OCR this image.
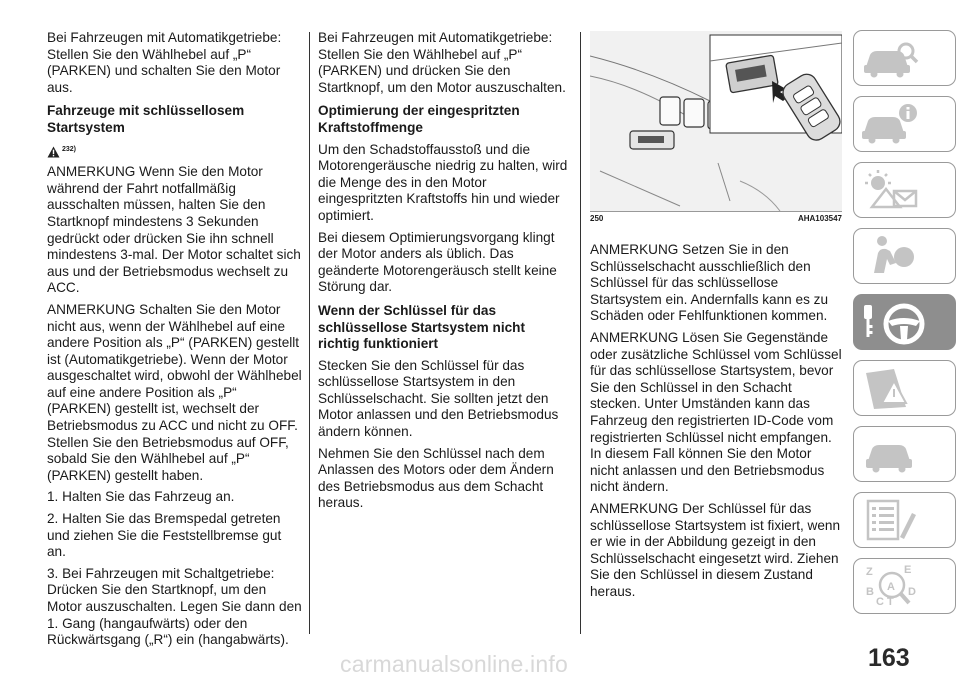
Bei Fahrzeugen mit Automatikgetriebe: Stellen Sie den Wählhebel auf „P“ (PARKEN) und schalten Sie den Motor aus.

Fahrzeuge mit schlüssellosem Startsystem
232)

ANMERKUNG Wenn Sie den Motor während der Fahrt notfallmäßig ausschalten müssen, halten Sie den Startknopf mindestens 3 Sekunden gedrückt oder drücken Sie ihn schnell mindestens 3-mal. Der Motor schaltet sich aus und der Betriebsmodus wechselt zu ACC.

ANMERKUNG Schalten Sie den Motor nicht aus, wenn der Wählhebel auf eine andere Position als „P“ (PARKEN) gestellt ist (Automatikgetriebe). Wenn der Motor ausgeschaltet wird, obwohl der Wählhebel auf eine andere Position als „P“ (PARKEN) gestellt ist, wechselt der Betriebsmodus zu ACC und nicht zu OFF. Stellen Sie den Betriebsmodus auf OFF, sobald Sie den Wählhebel auf „P“ (PARKEN) gestellt haben.

1. Halten Sie das Fahrzeug an.

2. Halten Sie das Bremspedal getreten und ziehen Sie die Feststellbremse gut an.

3. Bei Fahrzeugen mit Schaltgetriebe: Drücken Sie den Startknopf, um den Motor auszuschalten. Legen Sie dann den 1. Gang (hangaufwärts) oder den Rückwärtsgang („R“) ein (hangabwärts).

Bei Fahrzeugen mit Automatikgetriebe: Stellen Sie den Wählhebel auf „P“ (PARKEN) und drücken Sie den Startknopf, um den Motor auszuschalten.

Optimierung der eingespritzten Kraftstoffmenge

Um den Schadstoffausstoß und die Motorengeräusche niedrig zu halten, wird die Menge des in den Motor eingespritzten Kraftstoffs hin und wieder optimiert.

Bei diesem Optimierungsvorgang klingt der Motor anders als üblich. Das geänderte Motorengeräusch stellt keine Störung dar.

Wenn der Schlüssel für das schlüssellose Startsystem nicht richtig funktioniert

Stecken Sie den Schlüssel für das schlüssellose Startsystem in den Schlüsselschacht. Sie sollten jetzt den Motor anlassen und den Betriebsmodus ändern können.

Nehmen Sie den Schlüssel nach dem Anlassen des Motors oder dem Ändern des Betriebsmodus aus dem Schacht heraus.

250	AHA103547

ANMERKUNG Setzen Sie in den Schlüsselschacht ausschließlich den Schlüssel für das schlüssellose Startsystem ein. Andernfalls kann es zu Schäden oder Fehlfunktionen kommen.

ANMERKUNG Lösen Sie Gegenstände oder zusätzliche Schlüssel vom Schlüssel für das schlüssellose Startsystem, bevor Sie den Schlüssel in den Schacht stecken. Unter Umständen kann das Fahrzeug den registrierten ID-Code vom registrierten Schlüssel nicht empfangen. In diesem Fall können Sie den Motor nicht anlassen und den Betriebsmodus nicht ändern.

ANMERKUNG Der Schlüssel für das schlüssellose Startsystem ist fixiert, wenn er wie in der Abbildung gezeigt in den Schlüsselschacht eingesetzt wird. Ziehen Sie den Schlüssel in diesem Zustand heraus.

Z	E
B A
C T
D
163
carmanualsonline.info
